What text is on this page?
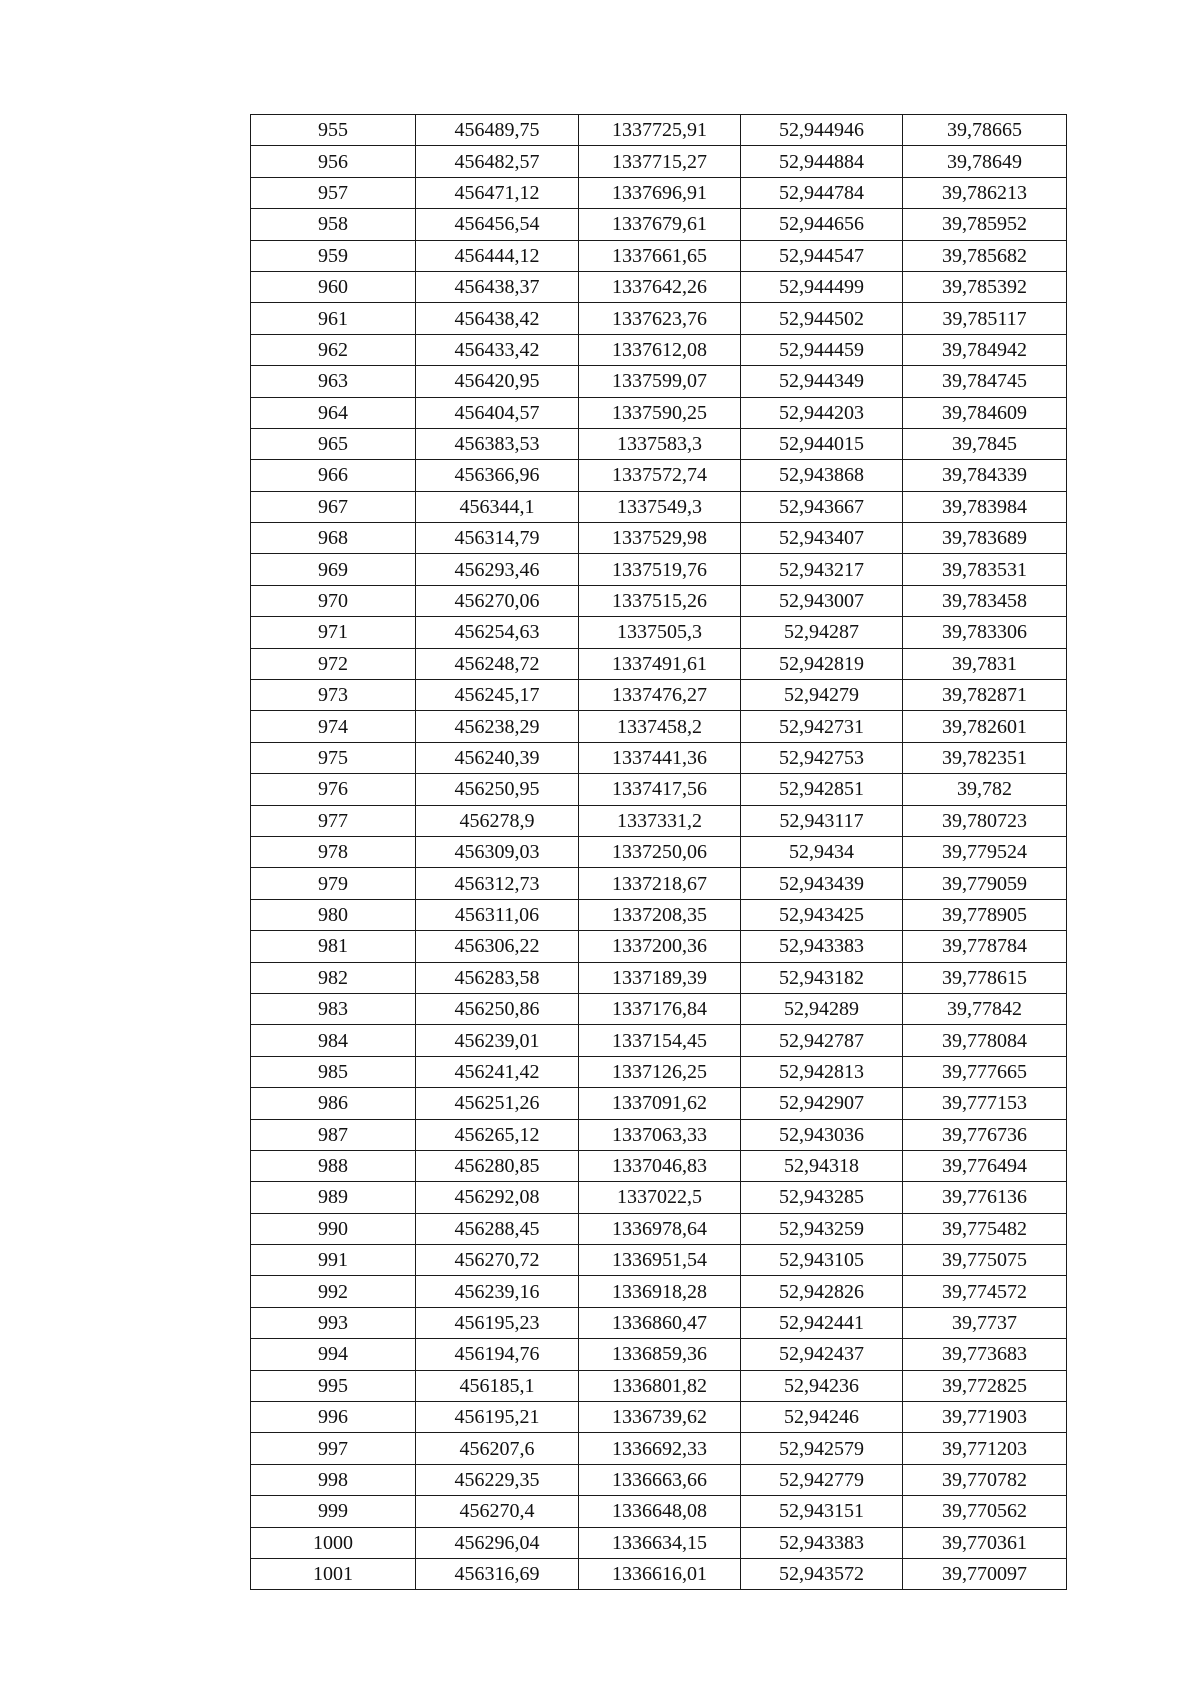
955	456489,75	1337725,91	52,944946	39,78665
956	456482,57	1337715,27	52,944884	39,78649
957	456471,12	1337696,91	52,944784	39,786213
958	456456,54	1337679,61	52,944656	39,785952
959	456444,12	1337661,65	52,944547	39,785682
960	456438,37	1337642,26	52,944499	39,785392
961	456438,42	1337623,76	52,944502	39,785117
962	456433,42	1337612,08	52,944459	39,784942
963	456420,95	1337599,07	52,944349	39,784745
964	456404,57	1337590,25	52,944203	39,784609
965	456383,53	1337583,3	52,944015	39,7845
966	456366,96	1337572,74	52,943868	39,784339
967	456344,1	1337549,3	52,943667	39,783984
968	456314,79	1337529,98	52,943407	39,783689
969	456293,46	1337519,76	52,943217	39,783531
970	456270,06	1337515,26	52,943007	39,783458
971	456254,63	1337505,3	52,94287	39,783306
972	456248,72	1337491,61	52,942819	39,7831
973	456245,17	1337476,27	52,94279	39,782871
974	456238,29	1337458,2	52,942731	39,782601
975	456240,39	1337441,36	52,942753	39,782351
976	456250,95	1337417,56	52,942851	39,782
977	456278,9	1337331,2	52,943117	39,780723
978	456309,03	1337250,06	52,9434	39,779524
979	456312,73	1337218,67	52,943439	39,779059
980	456311,06	1337208,35	52,943425	39,778905
981	456306,22	1337200,36	52,943383	39,778784
982	456283,58	1337189,39	52,943182	39,778615
983	456250,86	1337176,84	52,94289	39,77842
984	456239,01	1337154,45	52,942787	39,778084
985	456241,42	1337126,25	52,942813	39,777665
986	456251,26	1337091,62	52,942907	39,777153
987	456265,12	1337063,33	52,943036	39,776736
988	456280,85	1337046,83	52,94318	39,776494
989	456292,08	1337022,5	52,943285	39,776136
990	456288,45	1336978,64	52,943259	39,775482
991	456270,72	1336951,54	52,943105	39,775075
992	456239,16	1336918,28	52,942826	39,774572
993	456195,23	1336860,47	52,942441	39,7737
994	456194,76	1336859,36	52,942437	39,773683
995	456185,1	1336801,82	52,94236	39,772825
996	456195,21	1336739,62	52,94246	39,771903
997	456207,6	1336692,33	52,942579	39,771203
998	456229,35	1336663,66	52,942779	39,770782
999	456270,4	1336648,08	52,943151	39,770562
1000	456296,04	1336634,15	52,943383	39,770361
1001	456316,69	1336616,01	52,943572	39,770097
